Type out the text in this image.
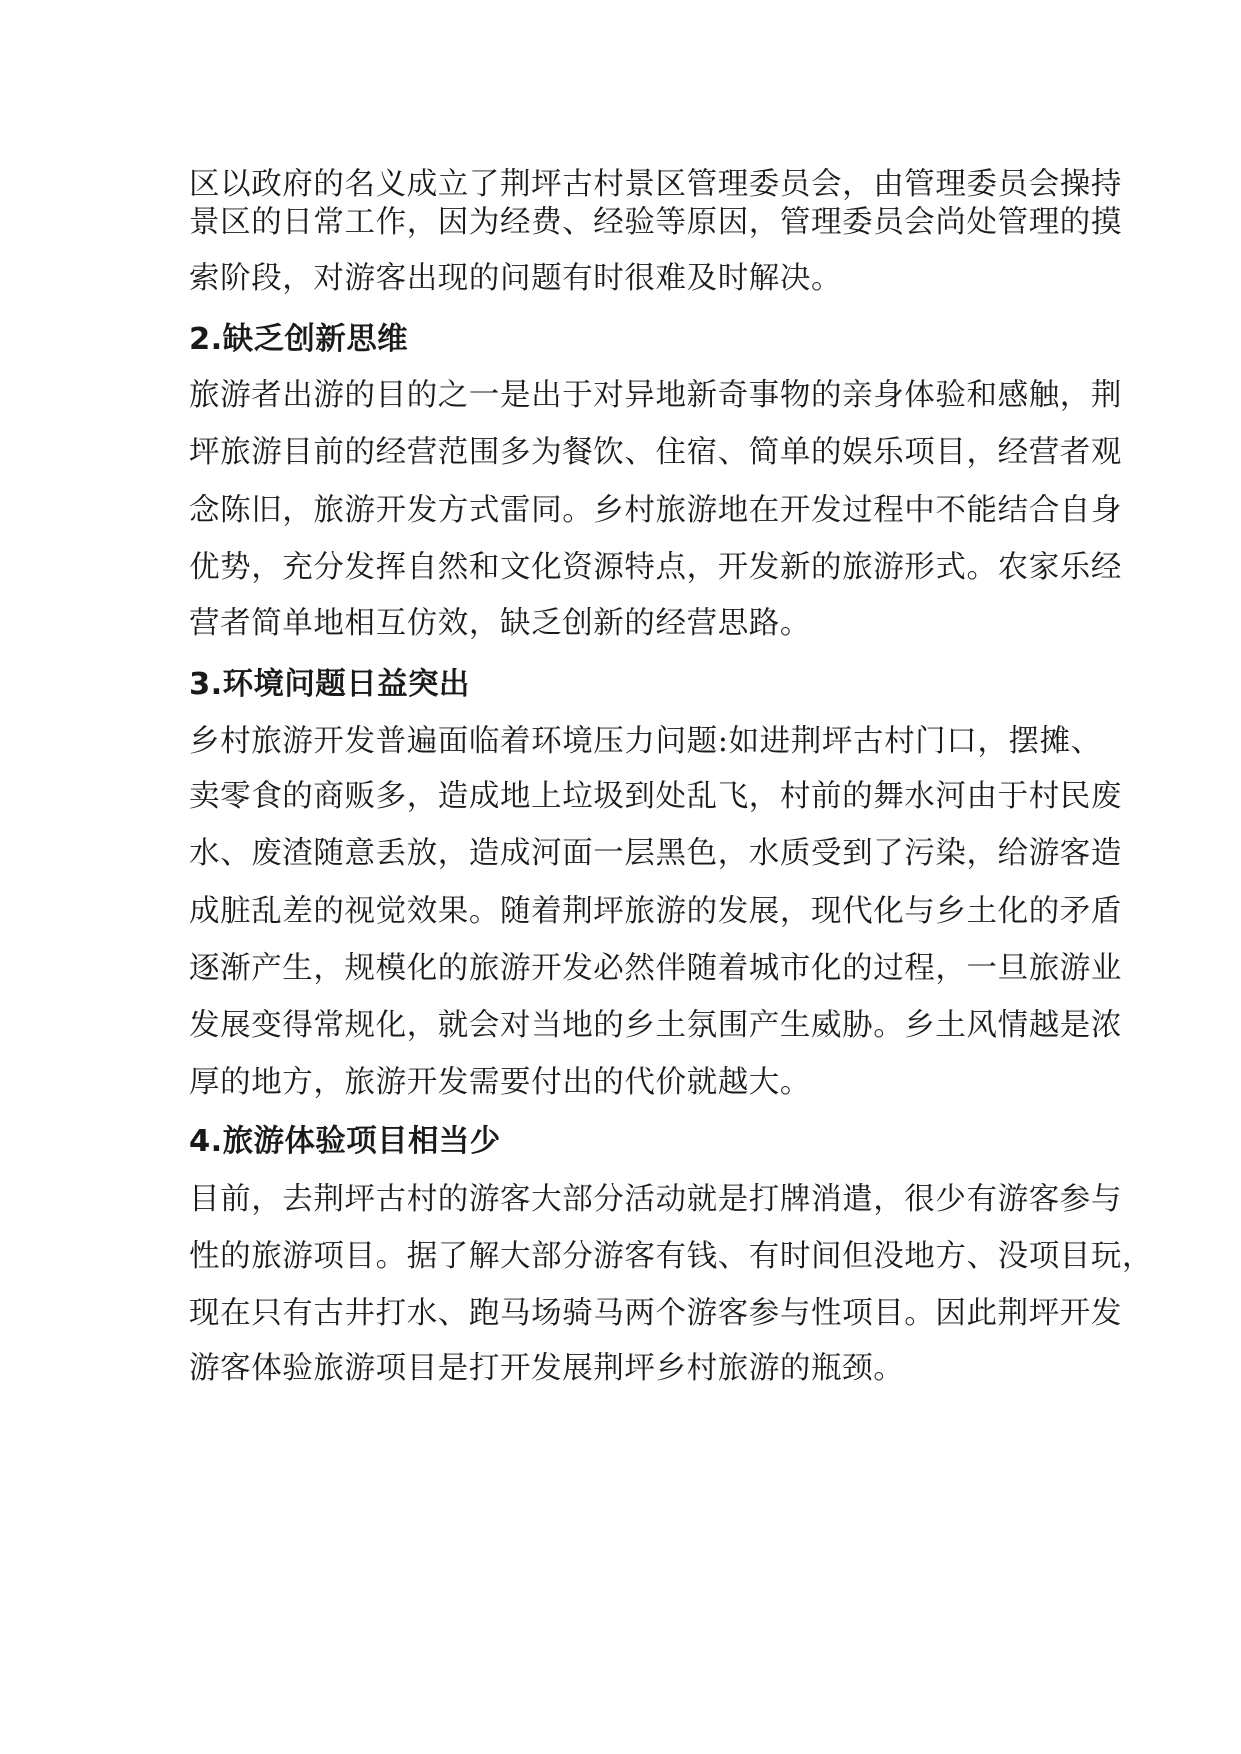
区以政府的名义成立了荆坪古村景区管理委员会，由管理委员会操持

景区的日常工作，因为经费、经验等原因，管理委员会尚处管理的摸

索阶段，对游客出现的问题有时很难及时解决。

2.缺乏创新思维

旅游者出游的目的之一是出于对异地新奇事物的亲身体验和感触，荆

坪旅游目前的经营范围多为餐饮、住宿、简单的娱乐项目，经营者观

念陈旧，旅游开发方式雷同。乡村旅游地在开发过程中不能结合自身

优势，充分发挥自然和文化资源特点，开发新的旅游形式。农家乐经

营者简单地相互仿效，缺乏创新的经营思路。

3.环境问题日益突出

乡村旅游开发普遍面临着环境压力问题:如进荆坪古村门口，摆摊、

卖零食的商贩多，造成地上垃圾到处乱飞，村前的舞水河由于村民废

水、废渣随意丢放，造成河面一层黑色，水质受到了污染，给游客造

成脏乱差的视觉效果。随着荆坪旅游的发展，现代化与乡土化的矛盾

逐渐产生，规模化的旅游开发必然伴随着城市化的过程，一旦旅游业

发展变得常规化，就会对当地的乡土氛围产生威胁。乡土风情越是浓

厚的地方，旅游开发需要付出的代价就越大。

4.旅游体验项目相当少

目前，去荆坪古村的游客大部分活动就是打牌消遣，很少有游客参与

性的旅游项目。据了解大部分游客有钱、有时间但没地方、没项目玩，

现在只有古井打水、跑马场骑马两个游客参与性项目。因此荆坪开发

游客体验旅游项目是打开发展荆坪乡村旅游的瓶颈。
